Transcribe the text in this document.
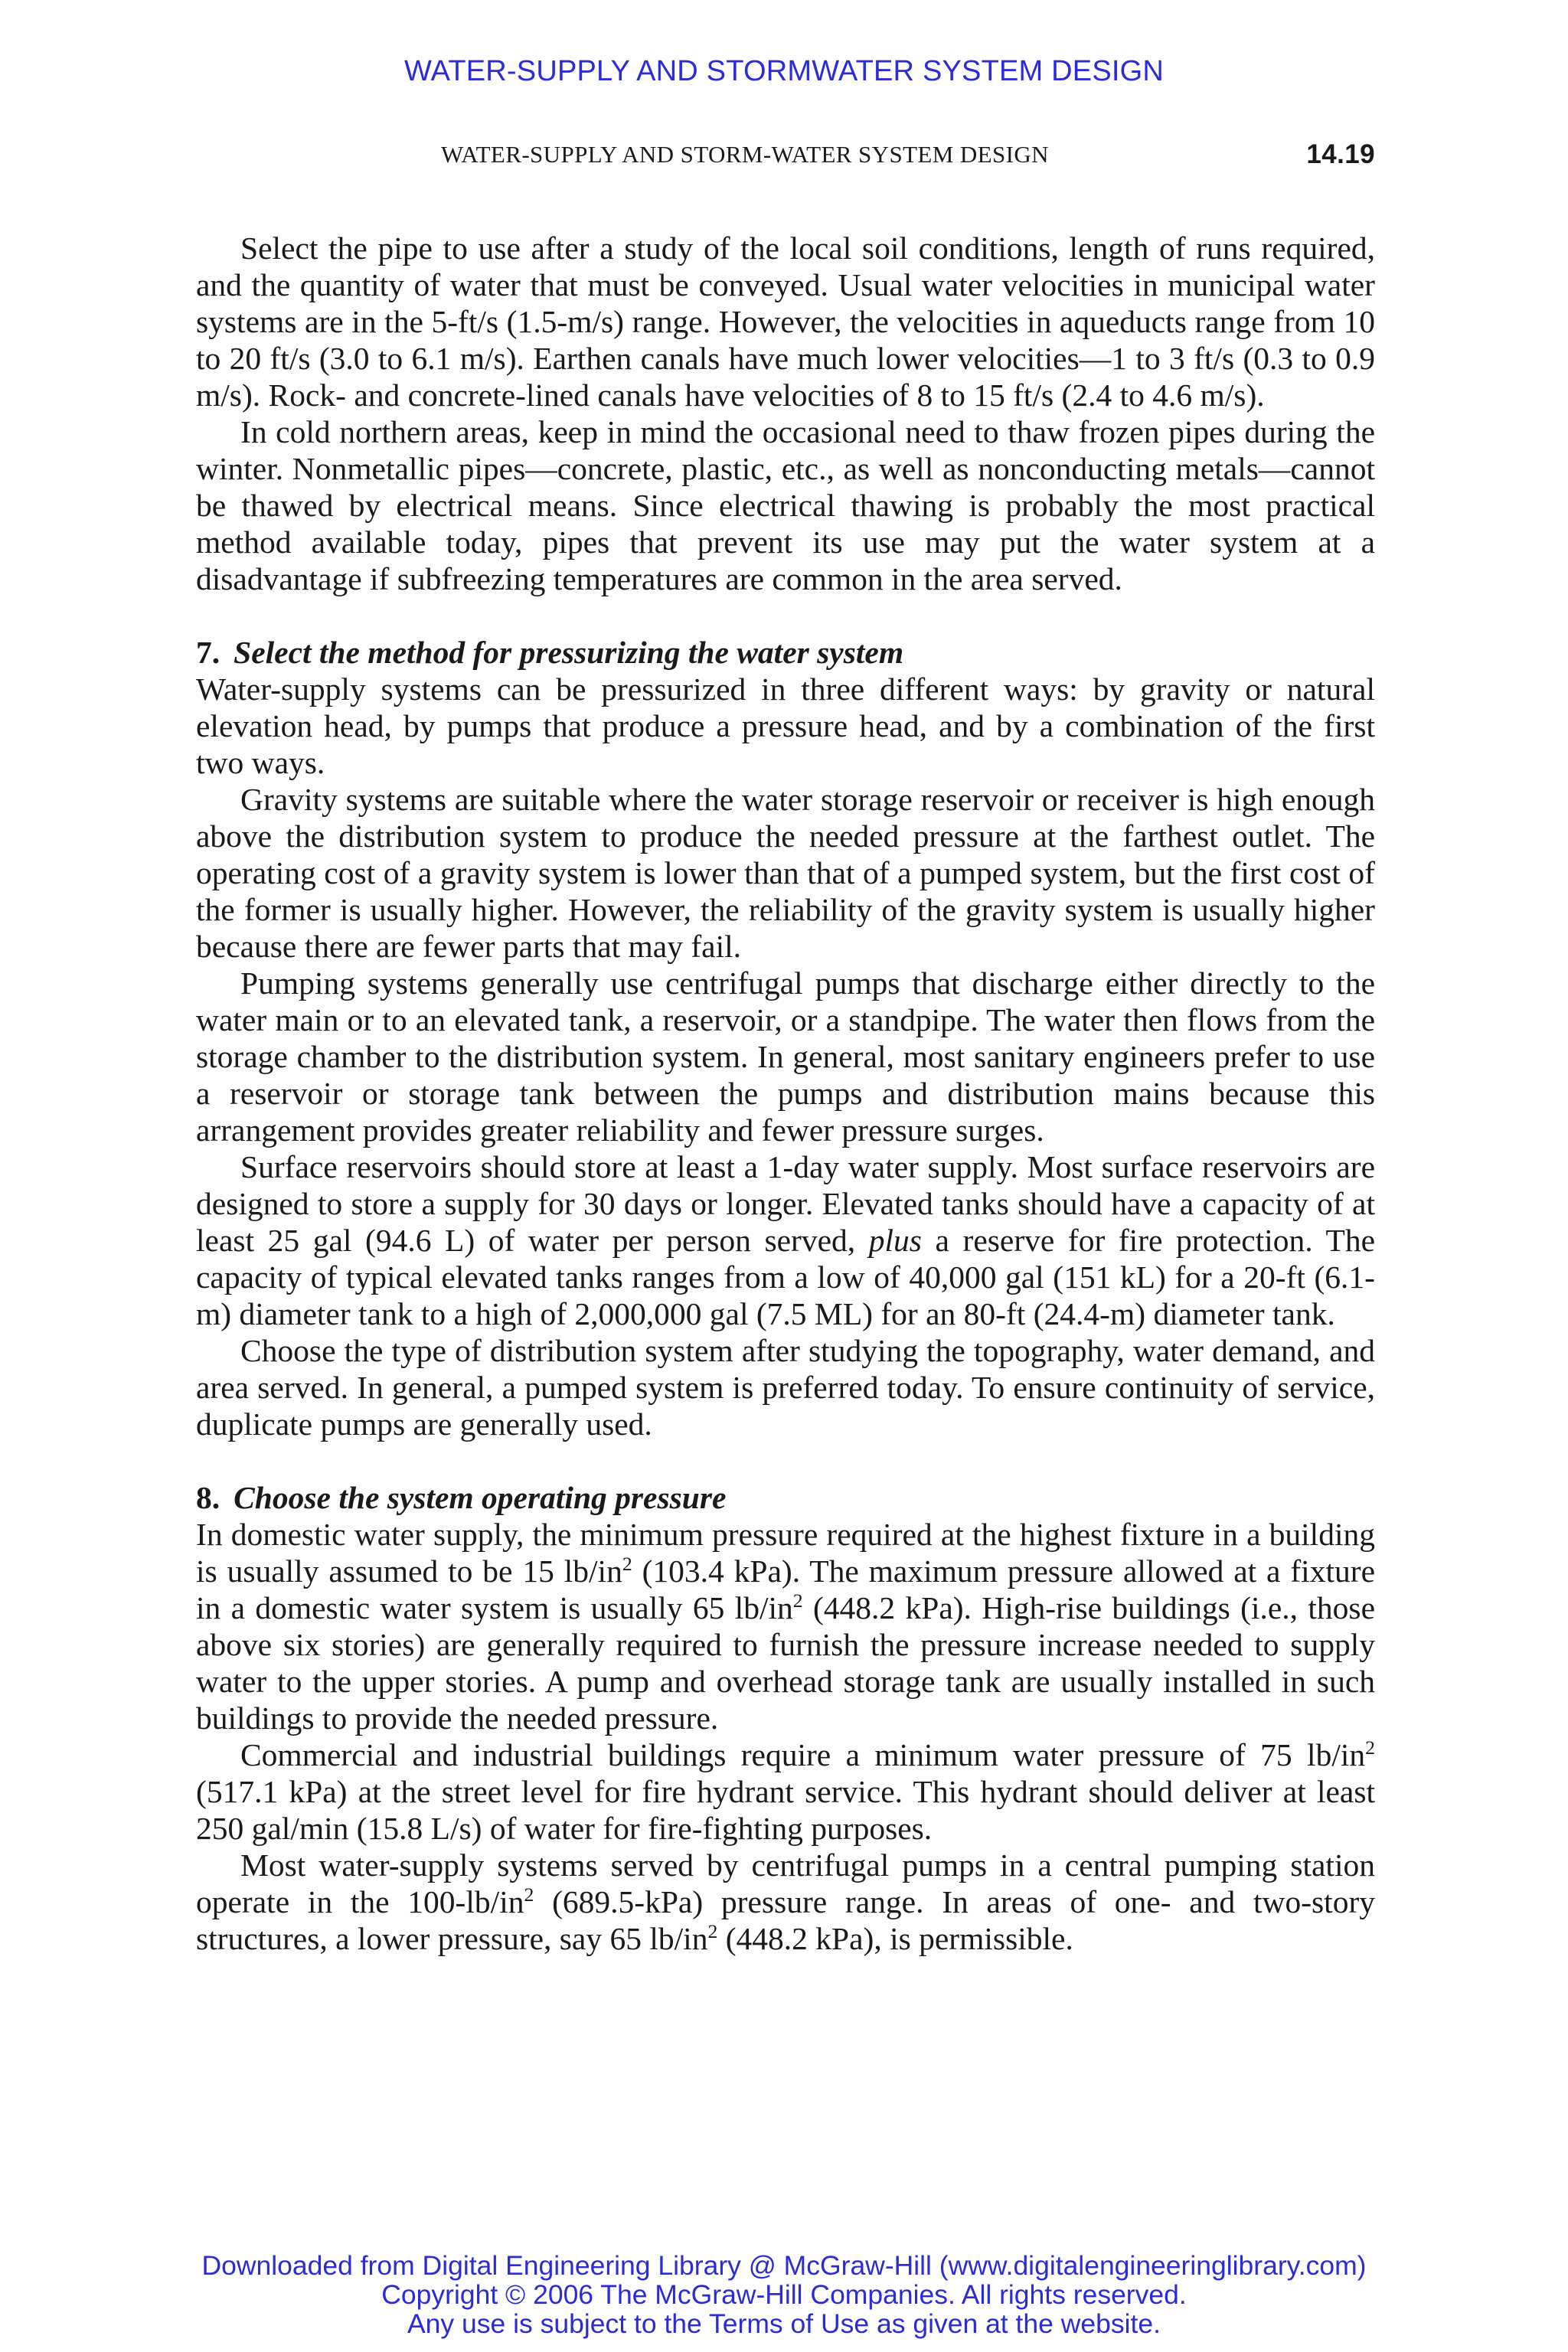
WATER-SUPPLY AND STORMWATER SYSTEM DESIGN
WATER-SUPPLY AND STORM-WATER SYSTEM DESIGN	14.19

Select the pipe to use after a study of the local soil conditions, length of runs required, and the quantity of water that must be conveyed. Usual water velocities in municipal water systems are in the 5-ft/s (1.5-m/s) range. However, the velocities in aqueducts range from 10 to 20 ft/s (3.0 to 6.1 m/s). Earthen canals have much lower velocities—1 to 3 ft/s (0.3 to 0.9 m/s). Rock- and concrete-lined canals have velocities of 8 to 15 ft/s (2.4 to 4.6 m/s).

In cold northern areas, keep in mind the occasional need to thaw frozen pipes during the winter. Nonmetallic pipes—concrete, plastic, etc., as well as nonconducting metals—cannot be thawed by electrical means. Since electrical thawing is probably the most practical method available today, pipes that prevent its use may put the water system at a disadvantage if subfreezing temperatures are common in the area served.

7. Select the method for pressurizing the water system

Water-supply systems can be pressurized in three different ways: by gravity or natural elevation head, by pumps that produce a pressure head, and by a combination of the first two ways.

Gravity systems are suitable where the water storage reservoir or receiver is high enough above the distribution system to produce the needed pressure at the farthest outlet. The operating cost of a gravity system is lower than that of a pumped system, but the first cost of the former is usually higher. However, the reliability of the gravity system is usually higher because there are fewer parts that may fail.

Pumping systems generally use centrifugal pumps that discharge either directly to the water main or to an elevated tank, a reservoir, or a standpipe. The water then flows from the storage chamber to the distribution system. In general, most sanitary engineers prefer to use a reservoir or storage tank between the pumps and distribution mains because this arrangement provides greater reliability and fewer pressure surges.

Surface reservoirs should store at least a 1-day water supply. Most surface reservoirs are designed to store a supply for 30 days or longer. Elevated tanks should have a capacity of at least 25 gal (94.6 L) of water per person served, plus a reserve for fire protection. The capacity of typical elevated tanks ranges from a low of 40,000 gal (151 kL) for a 20-ft (6.1-m) diameter tank to a high of 2,000,000 gal (7.5 ML) for an 80-ft (24.4-m) diameter tank.

Choose the type of distribution system after studying the topography, water demand, and area served. In general, a pumped system is preferred today. To ensure continuity of service, duplicate pumps are generally used.

8. Choose the system operating pressure

In domestic water supply, the minimum pressure required at the highest fixture in a building is usually assumed to be 15 $lb/in^2$ (103.4 kPa). The maximum pressure allowed at a fixture in a domestic water system is usually 65 $lb/in^2$ (448.2 kPa). High-rise buildings (i.e., those above six stories) are generally required to furnish the pressure increase needed to supply water to the upper stories. A pump and overhead storage tank are usually installed in such buildings to provide the needed pressure.

Commercial and industrial buildings require a minimum water pressure of 75 $lb/in^2$ (517.1 kPa) at the street level for fire hydrant service. This hydrant should deliver at least 250 gal/min (15.8 L/s) of water for fire-fighting purposes.

Most water-supply systems served by centrifugal pumps in a central pumping station operate in the $100-lb/in^2$ (689.5-kPa) pressure range. In areas of one- and two-story structures, a lower pressure, say 65 $lb/in^2$ (448.2 kPa), is permissible.

Downloaded from Digital Engineering Library @ McGraw-Hill (www.digitalengineeringlibrary.com)
Copyright © 2006 The McGraw-Hill Companies. All rights reserved.
Any use is subject to the Terms of Use as given at the website.
